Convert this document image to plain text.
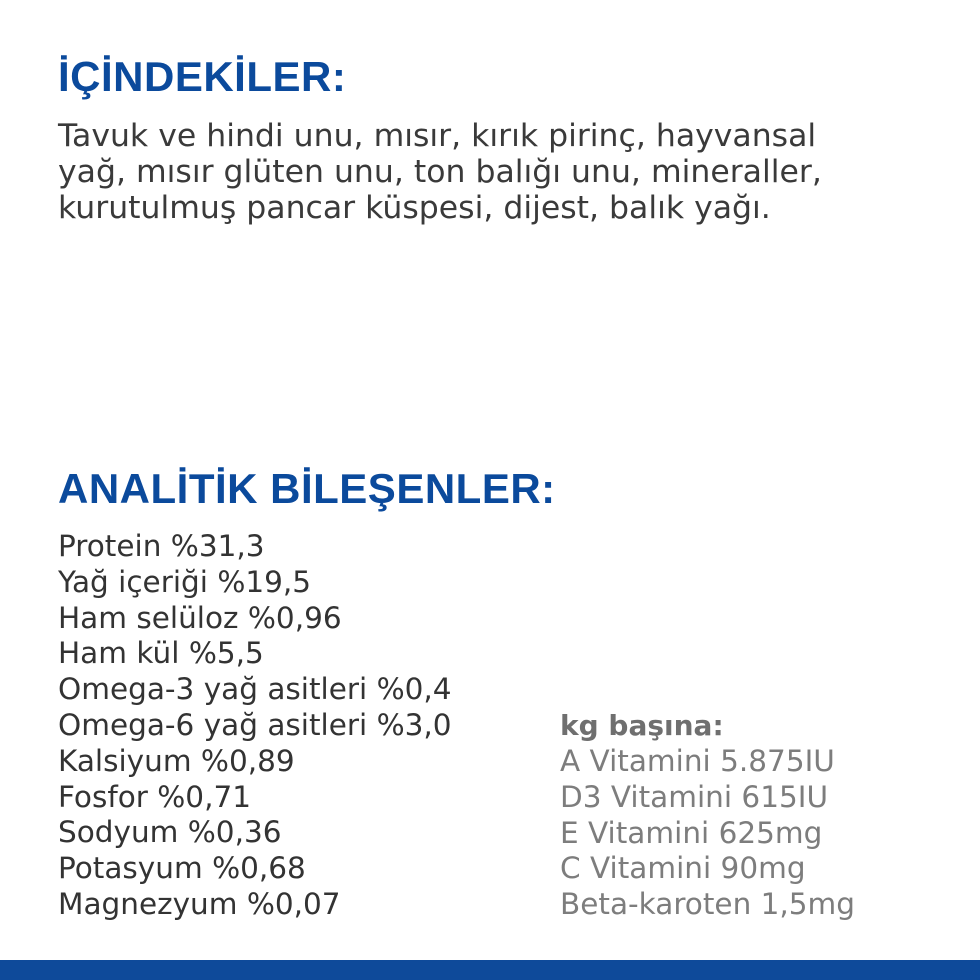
İÇİNDEKİLER:

Tavuk ve hindi unu, mısır, kırık pirinç, hayvansal
yağ, mısır glüten unu, ton balığı unu, mineraller,
kurutulmuş pancar küspesi, dijest, balık yağı.

ANALİTİK BİLEŞENLER:
Protein %31,3
Yağ içeriği %19,5
Ham selüloz %0,96
Ham kül %5,5
Omega-3 yağ asitleri %0,4
Omega-6 yağ asitleri %3,0
Kalsiyum %0,89
Fosfor %0,71
Sodyum %0,36
Potasyum %0,68
Magnezyum %0,07
kg başına:
A Vitamini 5.875IU
D3 Vitamini 615IU
E Vitamini 625mg
C Vitamini 90mg
Beta-karoten 1,5mg
